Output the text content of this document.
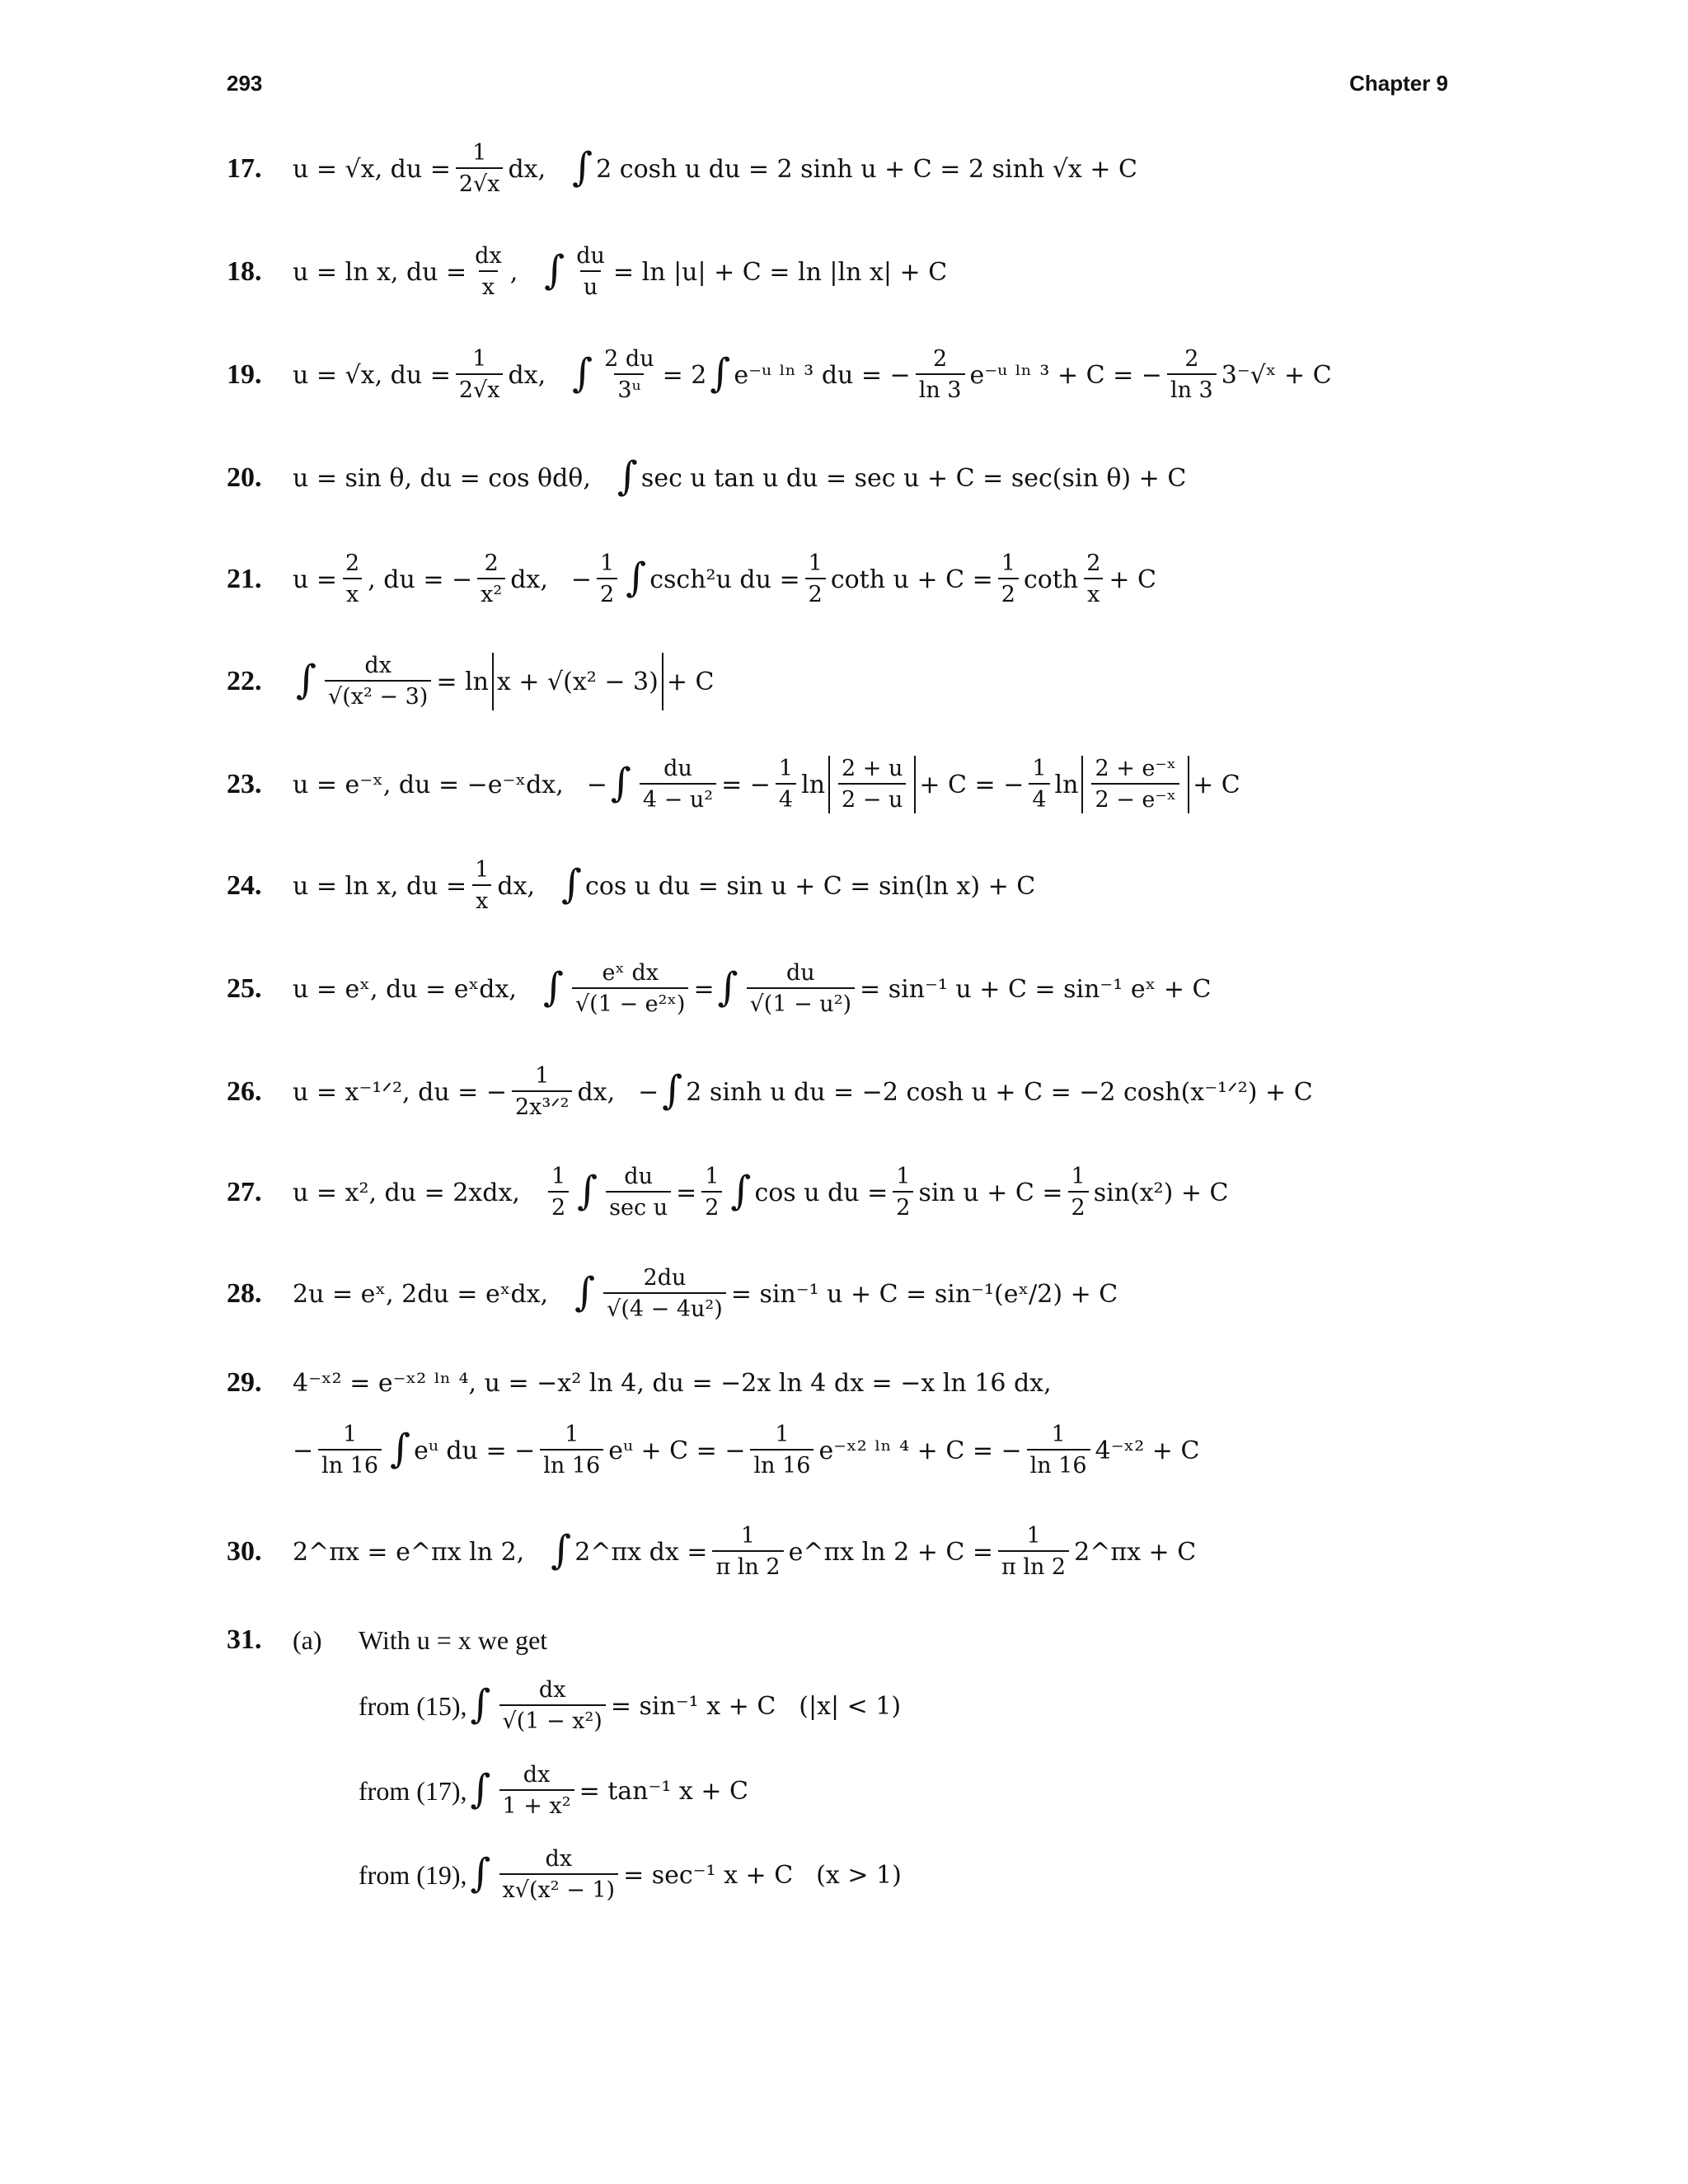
293	Chapter 9
17.	u = √x, du = $\frac{1}{2√x}$ dx, ∫ 2 cosh u du = 2 sinh u + C = 2 sinh √x + C
18.	u = ln x, du = $\frac{dx}{x}$ , ∫ $\frac{du}{u} = \ln |u| + C = \ln |\ln$ x| + C
19.	u = √x, du = $\frac{1}{2√x}$ dx, ∫ $\frac{2 du}{\text{3ᵘ}} = 2$ ∫ e⁻ᵘ ˡⁿ ³ du = − $\frac{2}{\ln 3}$ e⁻ᵘ ˡⁿ ³ + C = − $\frac{2}{\ln 3}$ 3⁻√ˣ + C
20.	u = sin θ, du = cos θdθ, ∫ sec u tan u du = sec u + C = sec(sin θ) + C
21.	$u = \frac{2}{x}$ , du = − $\frac{2}{\text{x²}}$ dx, − $\frac{1}{2}$ ∫ csch²u du = $\frac{1}{2}$ coth $u + C = \frac{1}{2}$ coth $\frac{2}{x} + C$
22. ∫ $\frac{dx}{\text{√(x² − 3)}} = \ln x + √(x^2 - 3) + C$
23.	u = e⁻ˣ, du = −e⁻ˣdx, − ∫ $\frac{du}{\text{4 − u²}}$ = − $\frac{1}{4}$ $\ln \frac{2 + u}{2 - u} + C$ = − $\frac{1}{4}$ $\ln \frac{\text{2 + e⁻ˣ}}{\text{2 − e⁻ˣ}} + C$
24.	u = ln x, du = $\frac{1}{x}$ dx, ∫ cos u du = sin u + C = sin(ln x) + C
25.	u = eˣ, du = eˣdx, ∫ $\frac{\text{eˣ dx}}{\text{√(1 − e²ˣ)}}$ = ∫ $\frac{du}{\text{√(1 − u²)}} = \sin^{-1}$ u + C = sin⁻¹ eˣ + C
26.	u = x⁻¹ᐟ², du = − $\frac{1}{\text{2x³ᐟ²}}$ dx, − ∫ 2 sinh u du = −2 cosh u + C = −2 cosh(x⁻¹ᐟ²) + C
27.	u = x², du = 2xdx, $\frac{1}{2}$ ∫ $\frac{du}{\text{sec u}} = \frac{1}{2}$ ∫ cos u du = $\frac{1}{2}$ $\sin u + C = \frac{1}{2} \sin(x^2) + C$
28.	2u = eˣ, 2du = eˣdx, ∫ $\frac{2du}{\text{√(4 − 4u²)}} = \sin^{-1}$ u + C = sin⁻¹(eˣ/2) + C
29.	4⁻ˣ² = e⁻ˣ² ˡⁿ ⁴, u = −x² ln 4, du = −2x ln 4 dx = −x ln 16 dx,
− $\frac{1}{\ln 16}$ ∫ eᵘ du = − $\frac{1}{\ln 16}$ eᵘ + C = − $\frac{1}{\ln 16}$ e⁻ˣ² ˡⁿ ⁴ + C = − $\frac{1}{\ln 16}$ 4⁻ˣ² + C
30.	2^πx = e^πx ln 2, ∫ 2^πx dx = $\frac{1}{\text{π ln 2}}$ e^πx $\ln 2 + C = \frac{1}{\text{π ln 2}}$ 2^πx + C
31.	(a)	With u = x we get
from (15), ∫ $\frac{dx}{\text{√(1 − x²)}} = \sin^{-1}$ x + C (|x| < 1)
from (17), ∫ $\frac{dx}{\text{1 + x²}} = \tan^{-1}$ x + C
from (19), ∫ $\frac{dx}{\text{x√(x² − 1)}} = \sec^{-1}$ x + C (x > 1)
